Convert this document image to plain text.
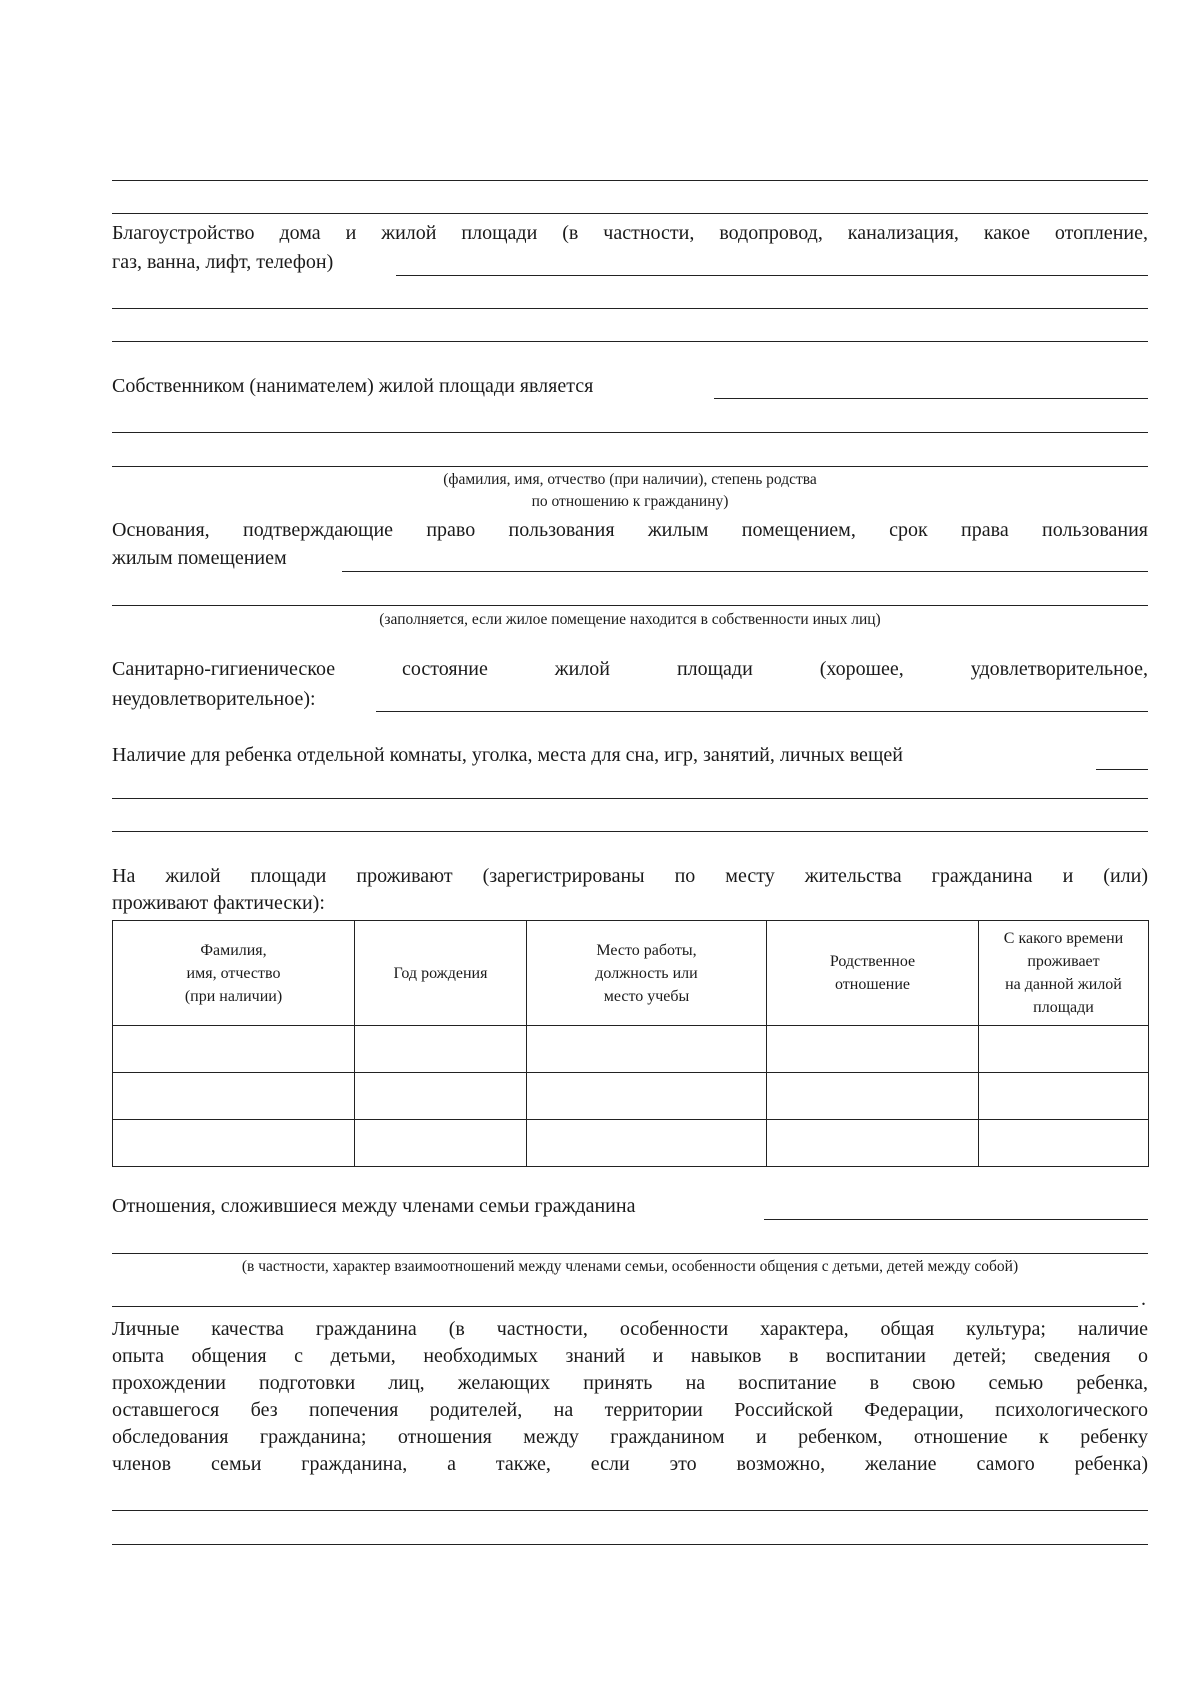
Благоустройство дома и жилой площади (в частности, водопровод, канализация, какое отопление,
газ, ванна, лифт, телефон)
Собственником (нанимателем) жилой площади является
(фамилия, имя, отчество (при наличии), степень родства
по отношению к гражданину)
Основания, подтверждающие право пользования жилым помещением, срок права пользования
жилым помещением
(заполняется, если жилое помещение находится в собственности иных лиц)
Санитарно-гигиеническое состояние жилой площади (хорошее, удовлетворительное,
неудовлетворительное):
Наличие для ребенка отдельной комнаты, уголка, места для сна, игр, занятий, личных вещей
На жилой площади проживают (зарегистрированы по месту жительства гражданина и (или)
проживают фактически):
Фамилия,
имя, отчество
(при наличии)	Год рождения	Место работы,
должность или
место учебы	Родственное
отношение	С какого времени
проживает
на данной жилой
площади

Отношения, сложившиеся между членами семьи гражданина
(в частности, характер взаимоотношений между членами семьи, особенности общения с детьми, детей между собой)
.
Личные качества гражданина (в частности, особенности характера, общая культура; наличие
опыта общения с детьми, необходимых знаний и навыков в воспитании детей; сведения о
прохождении подготовки лиц, желающих принять на воспитание в свою семью ребенка,
оставшегося без попечения родителей, на территории Российской Федерации, психологического
обследования гражданина; отношения между гражданином и ребенком, отношение к ребенку
членов семьи гражданина, а также, если это возможно, желание самого ребенка)
